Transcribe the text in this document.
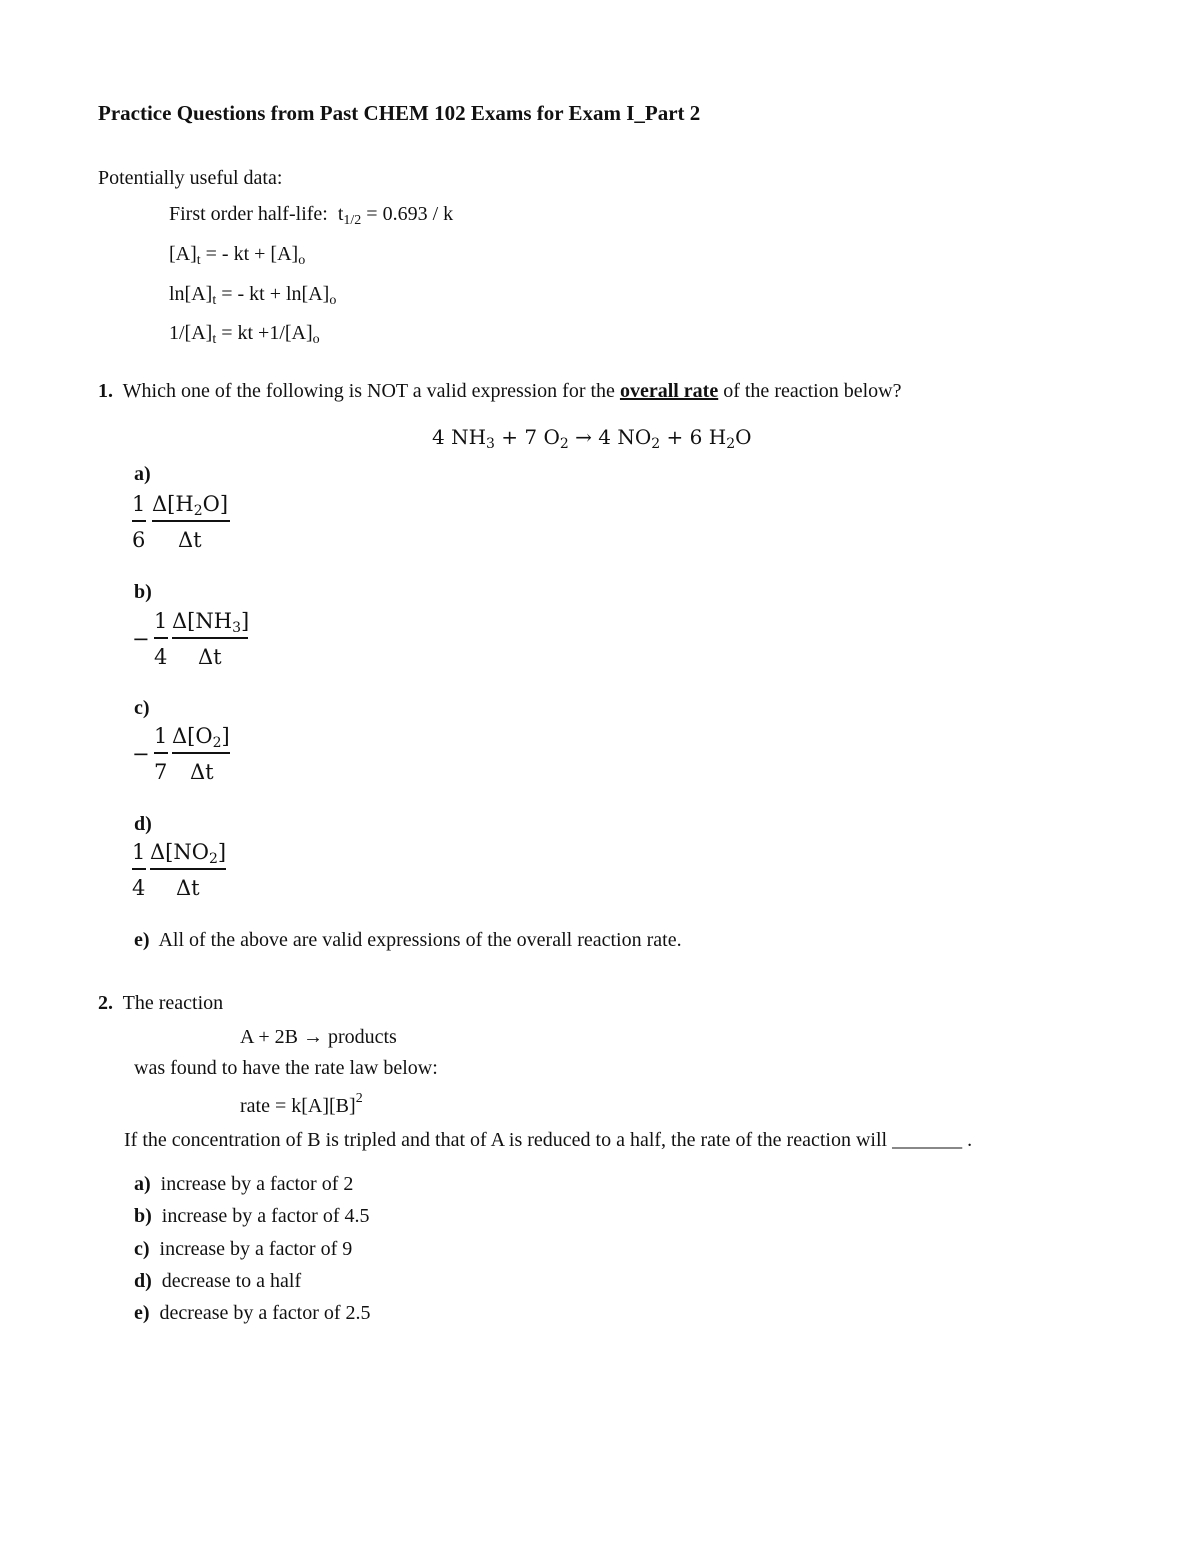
Practice Questions from Past CHEM 102 Exams for Exam I_Part 2
Potentially useful data:
First order half-life: $t_{1/2} = 0.693 / k$
$[A]_t$ = - kt + $[A]_o$
$\ln[A]_t$ = - kt + $\ln[A]_o$
$1/[A]_t$ = kt $+1/[A]_o$
1. Which one of the following is NOT a valid expression for the overall rate of the reaction below?
4 $NH_3 + 7$ $O_2 \to 4$ $NO_2 + 6$ $H_2O$
a)
1
6
$\Delta[H_2O]$
Δt
b)
−
1
4
$\Delta[NH_3]$
Δt
c)
−
1
7
$\Delta[O_2]$
Δt
d)
1
4
$\Delta[NO_2]$
Δt
e) All of the above are valid expressions of the overall reaction rate.
2. The reaction
A + 2B → products
was found to have the rate law below:
rate = $k[A][B]^2$
If the concentration of B is tripled and that of A is reduced to a half, the rate of the reaction will _______ .
a) increase by a factor of 2
b) increase by a factor of 4.5
c) increase by a factor of 9
d) decrease to a half
e) decrease by a factor of 2.5
